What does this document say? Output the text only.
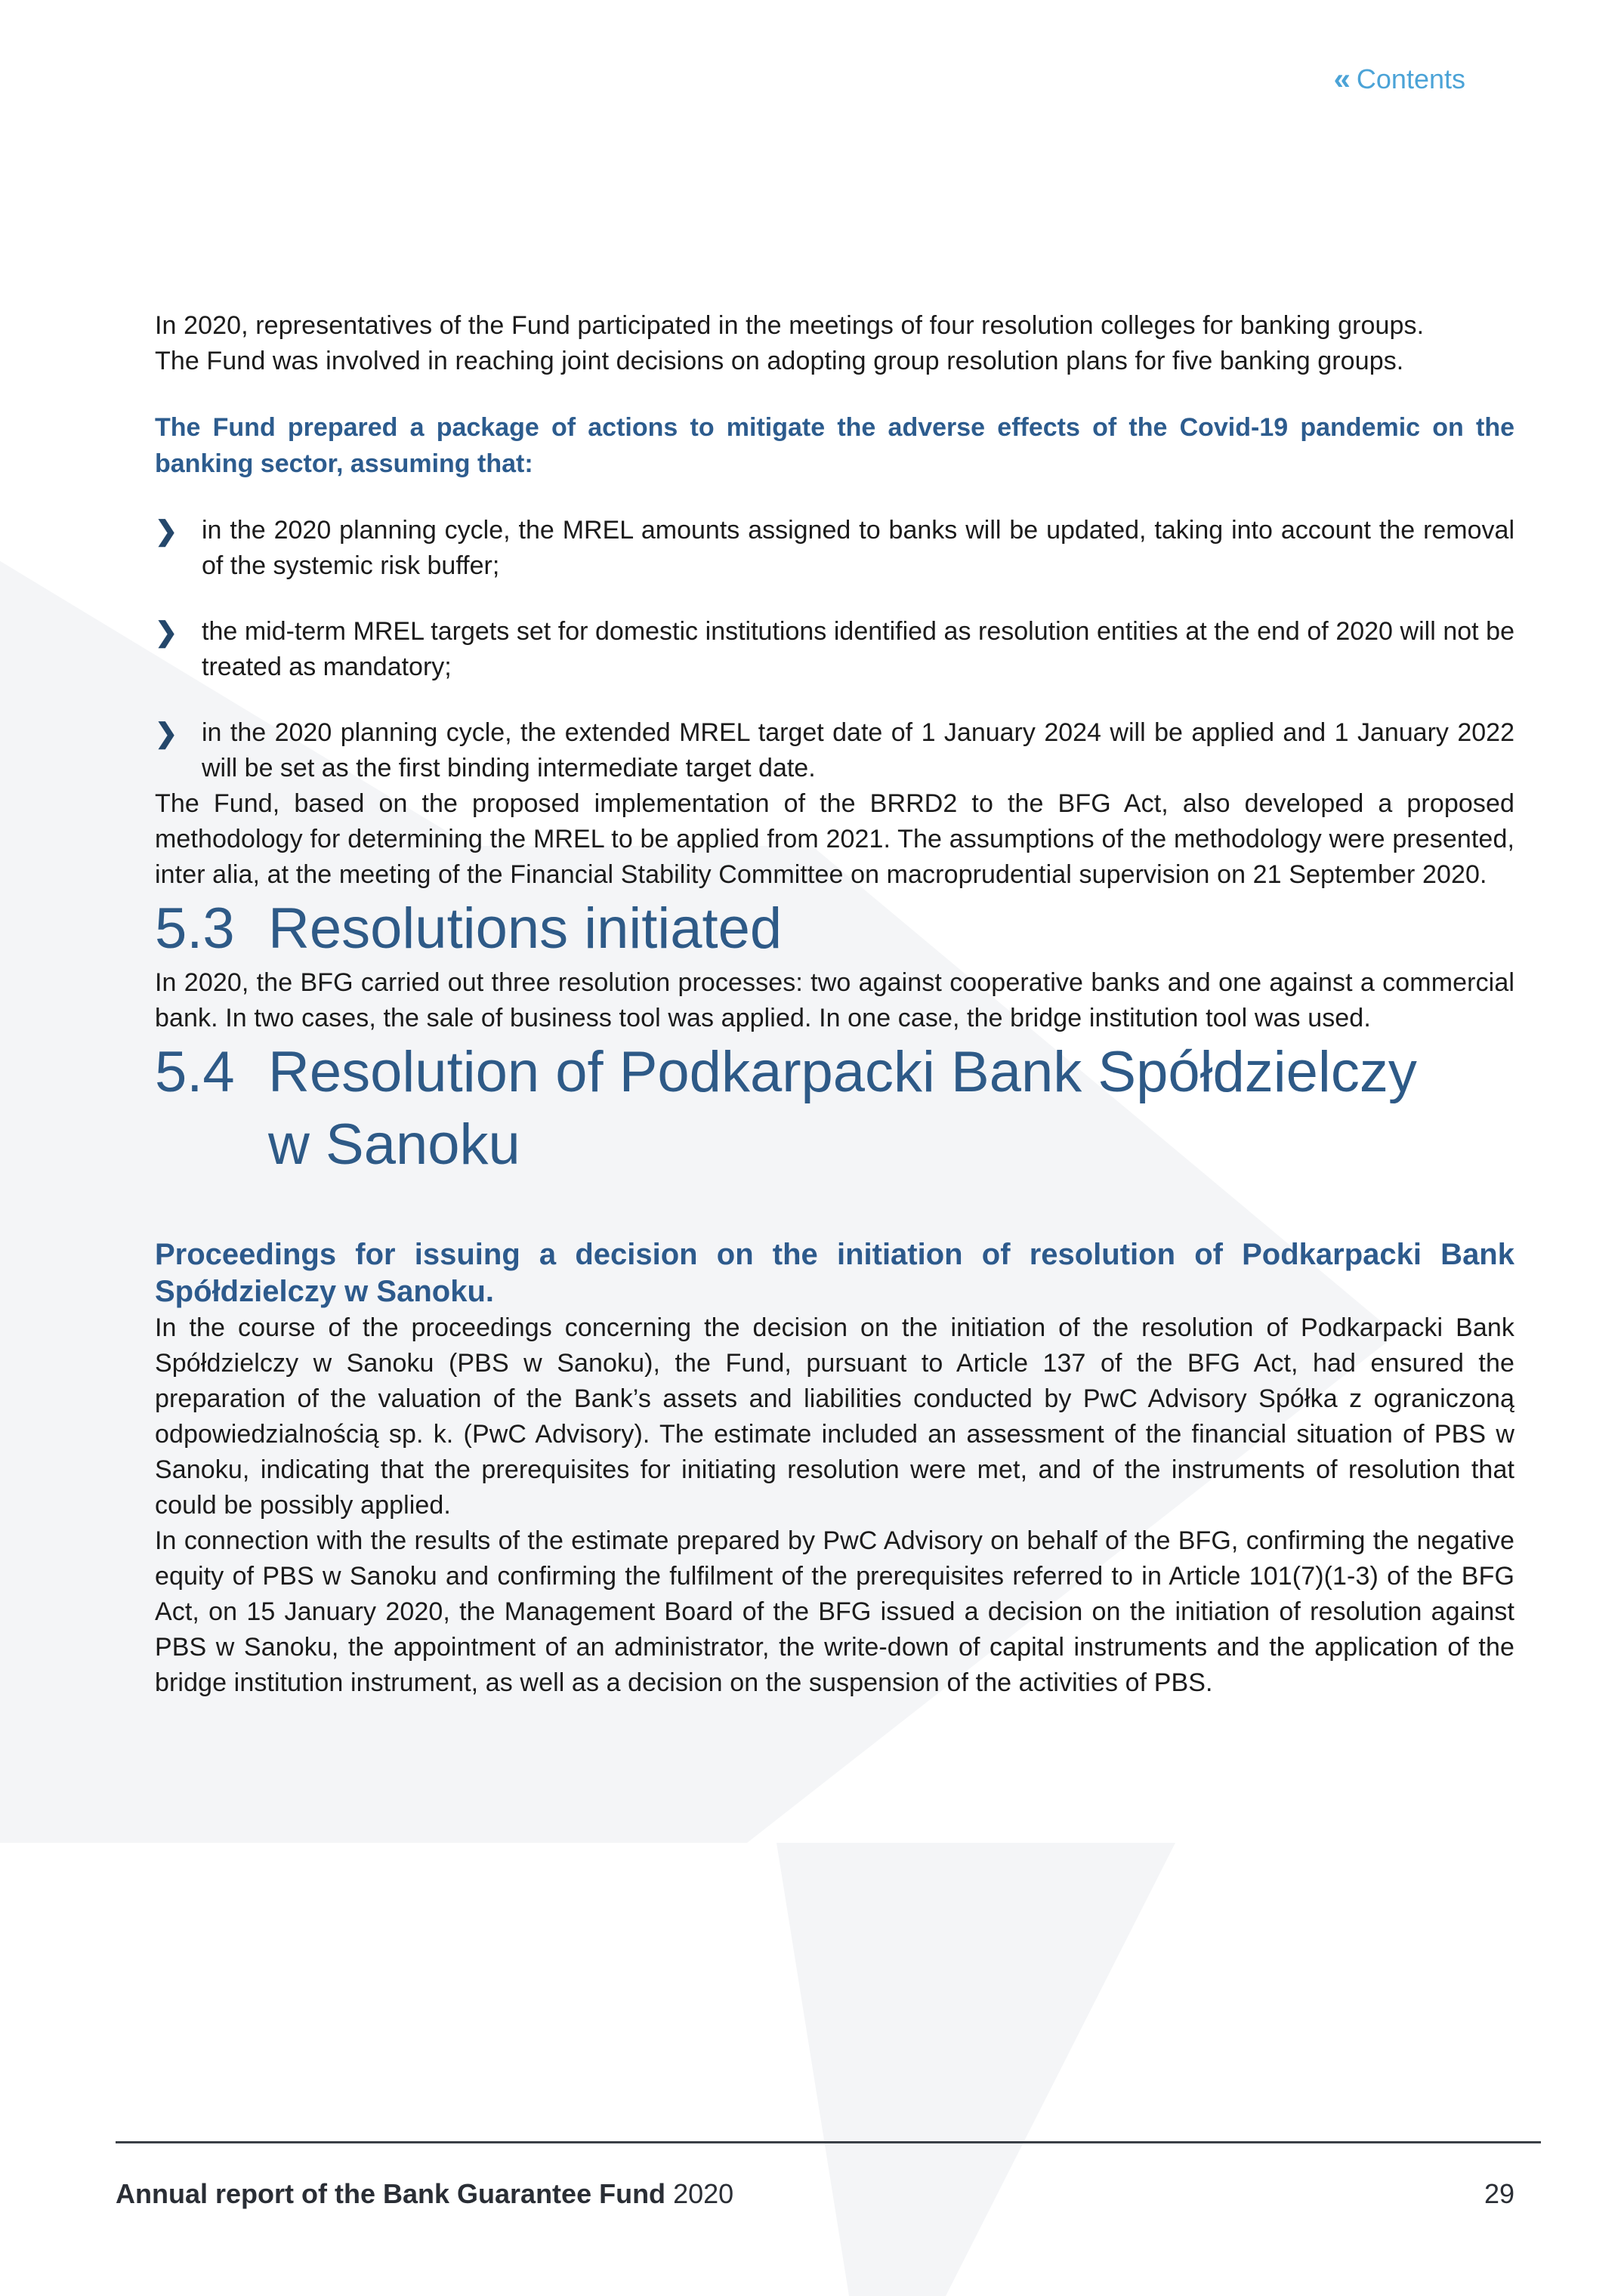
« Contents

In 2020, representatives of the Fund participated in the meetings of four resolution colleges for banking groups.

The Fund was involved in reaching joint decisions on adopting group resolution plans for five banking groups.

The Fund prepared a package of actions to mitigate the adverse effects of the Covid-19 pandemic on the banking sector, assuming that:

❯ in the 2020 planning cycle, the MREL amounts assigned to banks will be updated, taking into account the removal of the systemic risk buffer;
❯ the mid-term MREL targets set for domestic institutions identified as resolution entities at the end of 2020 will not be treated as mandatory;
❯ in the 2020 planning cycle, the extended MREL target date of 1 January 2024 will be applied and 1 January 2022 will be set as the first binding intermediate target date.

The Fund, based on the proposed implementation of the BRRD2 to the BFG Act, also developed a proposed methodology for determining the MREL to be applied from 2021. The assumptions of the methodology were presented, inter alia, at the meeting of the Financial Stability Committee on macroprudential supervision on 21 September 2020.

5.3 Resolutions initiated

In 2020, the BFG carried out three resolution processes: two against cooperative banks and one against a commercial bank. In two cases, the sale of business tool was applied. In one case, the bridge institution tool was used.

5.4 Resolution of Podkarpacki Bank Spółdzielczy
w Sanoku
Proceedings for issuing a decision on the initiation of resolution of Podkarpacki Bank Spółdzielczy w Sanoku.

In the course of the proceedings concerning the decision on the initiation of the resolution of Podkarpacki Bank Spółdzielczy w Sanoku (PBS w Sanoku), the Fund, pursuant to Article 137 of the BFG Act, had ensured the preparation of the valuation of the Bank’s assets and liabilities conducted by PwC Advisory Spółka z ograniczoną odpowiedzialnością sp. k. (PwC Advisory). The estimate included an assessment of the financial situation of PBS w Sanoku, indicating that the prerequisites for initiating resolution were met, and of the instruments of resolution that could be possibly applied.

In connection with the results of the estimate prepared by PwC Advisory on behalf of the BFG, confirming the negative equity of PBS w Sanoku and confirming the fulfilment of the prerequisites referred to in Article 101(7)(1-3) of the BFG Act, on 15 January 2020, the Management Board of the BFG issued a decision on the initiation of resolution against PBS w Sanoku, the appointment of an administrator, the write-down of capital instruments and the application of the bridge institution instrument, as well as a decision on the suspension of the activities of PBS.

Annual report of the Bank Guarantee Fund 2020	29
